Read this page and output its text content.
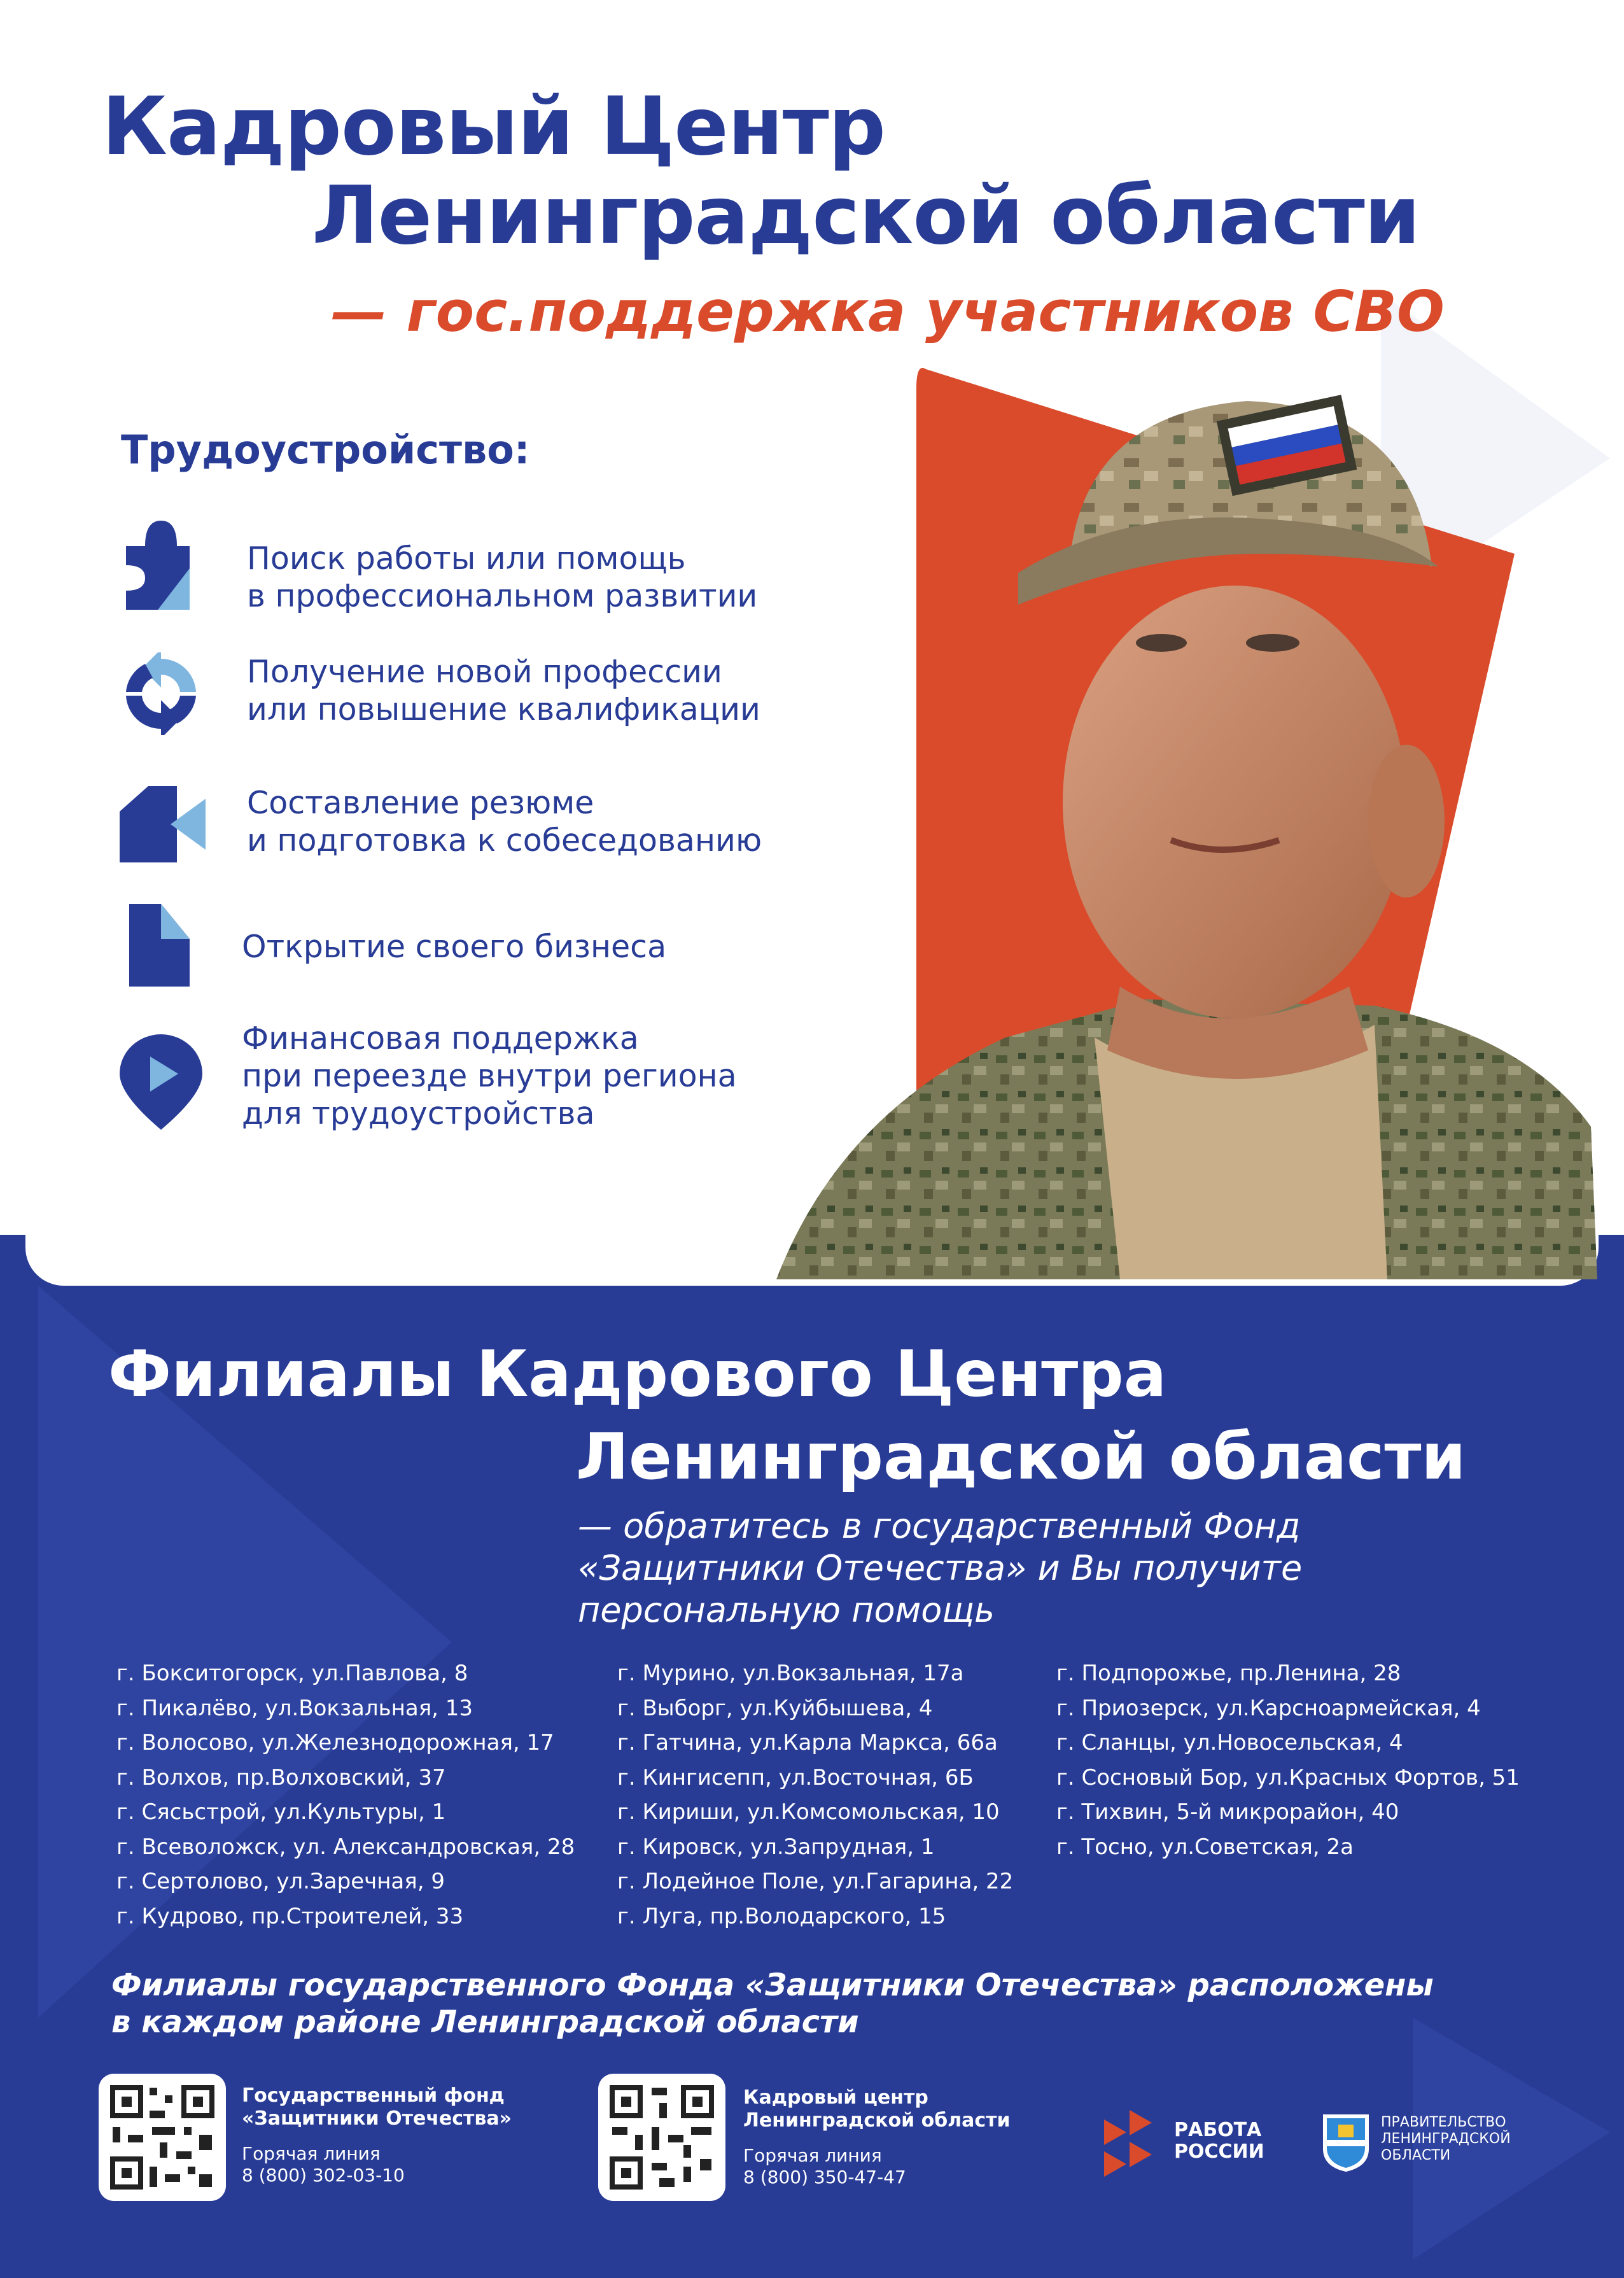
Кадровый Центр
Ленинградской области
— гос.поддержка участников СВО
Трудоустройство:
Поиск работы или помощь
в профессиональном развитии
Получение новой профессии
или повышение квалификации
Составление резюме
и подготовка к собеседованию
Открытие своего бизнеса
Финансовая поддержка
при переезде внутри региона
для трудоустройства
Филиалы Кадрового Центра
Ленинградской области
— обратитесь в государственный Фонд
«Защитники Отечества» и Вы получите
персональную помощь
г. Бокситогорск, ул.Павлова, 8
г. Пикалёво, ул.Вокзальная, 13
г. Волосово, ул.Железнодорожная, 17
г. Волхов, пр.Волховский, 37
г. Сясьстрой, ул.Культуры, 1
г. Всеволожск, ул. Александровская, 28
г. Сертолово, ул.Заречная, 9
г. Кудрово, пр.Строителей, 33
г. Мурино, ул.Вокзальная, 17а
г. Выборг, ул.Куйбышева, 4
г. Гатчина, ул.Карла Маркса, 66а
г. Кингисепп, ул.Восточная, 6Б
г. Кириши, ул.Комсомольская, 10
г. Кировск, ул.Запрудная, 1
г. Лодейное Поле, ул.Гагарина, 22
г. Луга, пр.Володарского, 15
г. Подпорожье, пр.Ленина, 28
г. Приозерск, ул.Карсноармейская, 4
г. Сланцы, ул.Новосельская, 4
г. Сосновый Бор, ул.Красных Фортов, 51
г. Тихвин, 5-й микрорайон, 40
г. Тосно, ул.Советская, 2а
Филиалы государственного Фонда «Защитники Отечества» расположены
в каждом районе Ленинградской области
Государственный фонд
«Защитники Отечества»
Горячая линия
8 (800) 302-03-10
Кадровый центр
Ленинградской области
Горячая линия
8 (800) 350-47-47
РАБОТА
РОССИИ
ПРАВИТЕЛЬСТВО
ЛЕНИНГРАДСКОЙ
ОБЛАСТИ
